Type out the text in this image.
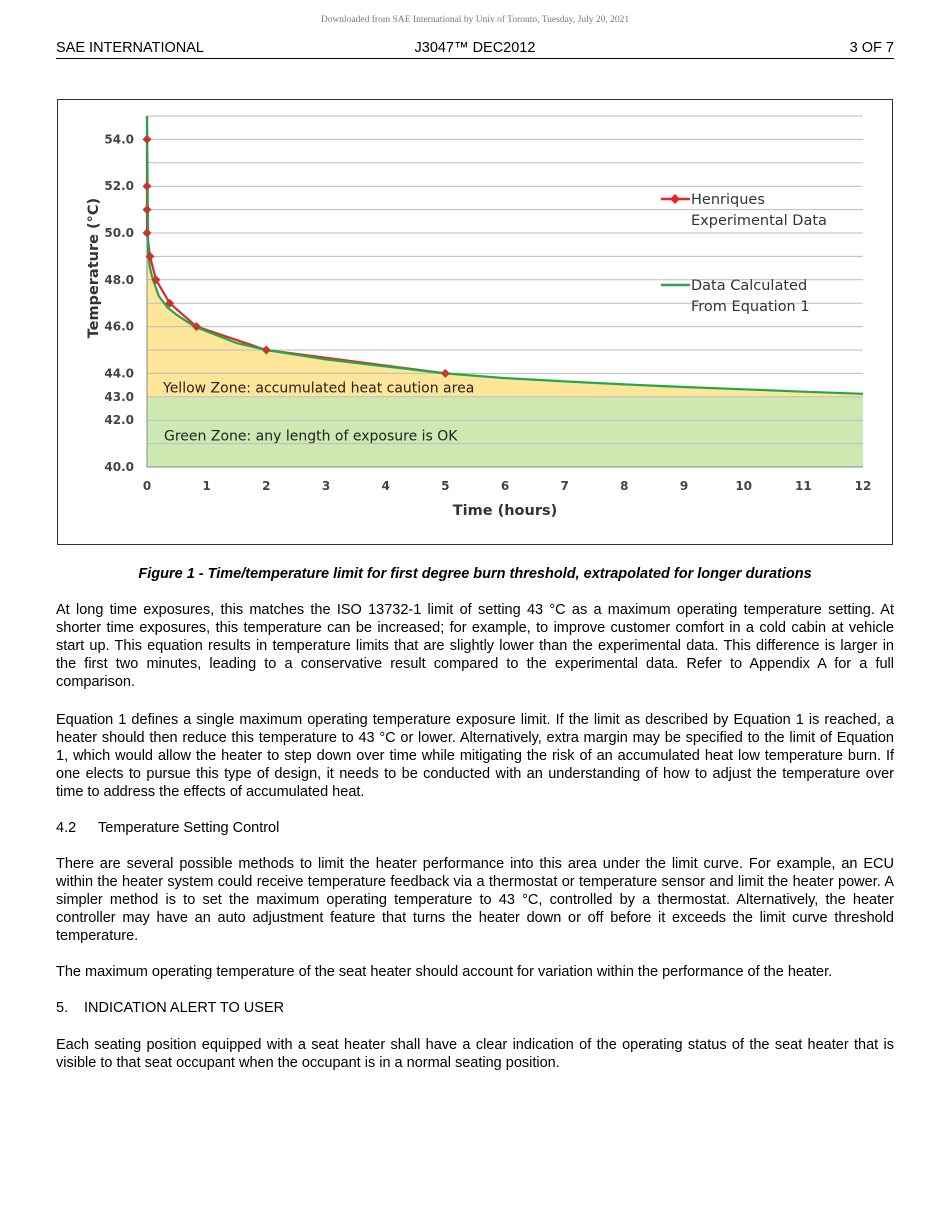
Downloaded from SAE International by Univ of Toronto, Tuesday, July 20, 2021
SAE INTERNATIONAL	J3047™ DEC2012	3 OF 7
Yellow Zone: accumulated heat caution area
Green Zone: any length of exposure is OK
40.0
42.0
43.0
44.0
46.0
48.0
50.0
52.0
54.0
0	1	2	3	4	5	6	7	8	9	10	11	12
Time (hours)
Temperature (°C)	Henriques Experimental Data
Data Calculated From Equation 1
Figure 1 - Time/temperature limit for first degree burn threshold, extrapolated for longer durations
At long time exposures, this matches the ISO 13732-1 limit of setting 43 °C as a maximum operating temperature setting. At shorter time exposures, this temperature can be increased; for example, to improve customer comfort in a cold cabin at vehicle start up. This equation results in temperature limits that are slightly lower than the experimental data. This difference is larger in the first two minutes, leading to a conservative result compared to the experimental data. Refer to Appendix A for a full comparison.
Equation 1 defines a single maximum operating temperature exposure limit. If the limit as described by Equation 1 is reached, a heater should then reduce this temperature to 43 °C or lower. Alternatively, extra margin may be specified to the limit of Equation 1, which would allow the heater to step down over time while mitigating the risk of an accumulated heat low temperature burn. If one elects to pursue this type of design, it needs to be conducted with an understanding of how to adjust the temperature over time to address the effects of accumulated heat.
4.2 Temperature Setting Control
There are several possible methods to limit the heater performance into this area under the limit curve. For example, an ECU within the heater system could receive temperature feedback via a thermostat or temperature sensor and limit the heater power. A simpler method is to set the maximum operating temperature to 43 °C, controlled by a thermostat. Alternatively, the heater controller may have an auto adjustment feature that turns the heater down or off before it exceeds the limit curve threshold temperature.
The maximum operating temperature of the seat heater should account for variation within the performance of the heater.
5. INDICATION ALERT TO USER
Each seating position equipped with a seat heater shall have a clear indication of the operating status of the seat heater that is visible to that seat occupant when the occupant is in a normal seating position.
